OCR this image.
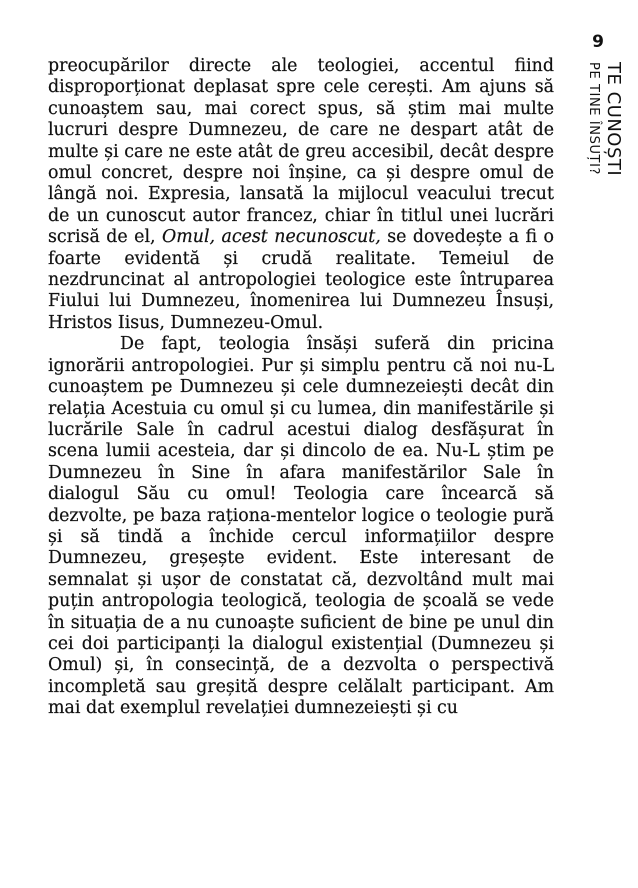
preocupărilor directe ale teologiei, accentul fiind disproporționat deplasat spre cele cerești. Am ajuns să cunoaștem sau, mai corect spus, să știm mai multe lucruri despre Dumnezeu, de care ne despart atât de multe și care ne este atât de greu accesibil, decât despre omul concret, despre noi înșine, ca și despre omul de lângă noi. Expresia, lansată la mijlocul veacului trecut de un cunoscut autor francez, chiar în titlul unei lucrări scrisă de el, Omul, acest necunoscut, se dovedește a fi o foarte evidentă și crudă realitate. Temeiul de nezdruncinat al antropologiei teologice este întruparea Fiului lui Dumnezeu, înomenirea lui Dumnezeu Însuși, Hristos Iisus, Dumnezeu-Omul.

De fapt, teologia însăși suferă din pricina ignorării antropologiei. Pur și simplu pentru că noi nu-L cunoaștem pe Dumnezeu și cele dumnezeiești decât din relația Acestuia cu omul și cu lumea, din manifestările și lucrările Sale în cadrul acestui dialog desfășurat în scena lumii acesteia, dar și dincolo de ea. Nu-L știm pe Dumnezeu în Sine în afara manifestărilor Sale în dialogul Său cu omul! Teologia care încearcă să dezvolte, pe baza raționa-mentelor logice o teologie pură și să tindă a închide cercul informațiilor despre Dumnezeu, greșește evident. Este interesant de semnalat și ușor de constatat că, dezvoltând mult mai puțin antropologia teologică, teologia de școală se vede în situația de a nu cunoaște suficient de bine pe unul din cei doi participanți la dialogul existențial (Dumnezeu și Omul) și, în consecință, de a dezvolta o perspectivă incompletă sau greșită despre celălalt participant. Am mai dat exemplul revelației dumnezeiești și cu

9
TE CUNOȘTI
PE TINE ÎNSUȚI?
